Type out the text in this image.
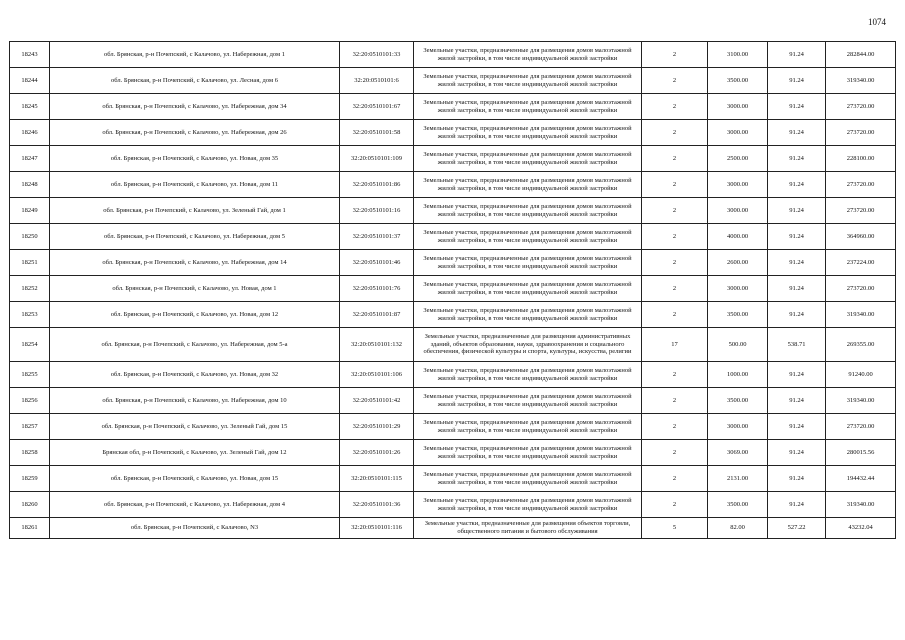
1074
18243	обл. Брянская, р-н Почепский, с Калачово, ул. Набережная, дом 1	32:20:0510101:33	Земельные участки, предназначенные для размещения домов малоэтажной жилой застройки, в том числе индивидуальной жилой застройки	2	3100.00	91.24	282844.00
18244	обл. Брянская, р-н Почепский, с Калачово, ул. Лесная, дом 6	32:20:0510101:6	Земельные участки, предназначенные для размещения домов малоэтажной жилой застройки, в том числе индивидуальной жилой застройки	2	3500.00	91.24	319340.00
18245	обл. Брянская, р-н Почепский, с Калачово, ул. Набережная, дом 34	32:20:0510101:67	Земельные участки, предназначенные для размещения домов малоэтажной жилой застройки, в том числе индивидуальной жилой застройки	2	3000.00	91.24	273720.00
18246	обл. Брянская, р-н Почепский, с Калачово, ул. Набережная, дом 26	32:20:0510101:58	Земельные участки, предназначенные для размещения домов малоэтажной жилой застройки, в том числе индивидуальной жилой застройки	2	3000.00	91.24	273720.00
18247	обл. Брянская, р-н Почепский, с Калачово, ул. Новая, дом 35	32:20:0510101:109	Земельные участки, предназначенные для размещения домов малоэтажной жилой застройки, в том числе индивидуальной жилой застройки	2	2500.00	91.24	228100.00
18248	обл. Брянская, р-н Почепский, с Калачово, ул. Новая, дом 11	32:20:0510101:86	Земельные участки, предназначенные для размещения домов малоэтажной жилой застройки, в том числе индивидуальной жилой застройки	2	3000.00	91.24	273720.00
18249	обл. Брянская, р-н Почепский, с Калачово, ул. Зеленый Гай, дом 1	32:20:0510101:16	Земельные участки, предназначенные для размещения домов малоэтажной жилой застройки, в том числе индивидуальной жилой застройки	2	3000.00	91.24	273720.00
18250	обл. Брянская, р-н Почепский, с Калачово, ул. Набережная, дом 5	32:20:0510101:37	Земельные участки, предназначенные для размещения домов малоэтажной жилой застройки, в том числе индивидуальной жилой застройки	2	4000.00	91.24	364960.00
18251	обл. Брянская, р-н Почепский, с Калачово, ул. Набережная, дом 14	32:20:0510101:46	Земельные участки, предназначенные для размещения домов малоэтажной жилой застройки, в том числе индивидуальной жилой застройки	2	2600.00	91.24	237224.00
18252	обл. Брянская, р-н Почепский, с Калачово, ул. Новая, дом 1	32:20:0510101:76	Земельные участки, предназначенные для размещения домов малоэтажной жилой застройки, в том числе индивидуальной жилой застройки	2	3000.00	91.24	273720.00
18253	обл. Брянская, р-н Почепский, с Калачово, ул. Новая, дом 12	32:20:0510101:87	Земельные участки, предназначенные для размещения домов малоэтажной жилой застройки, в том числе индивидуальной жилой застройки	2	3500.00	91.24	319340.00
18254	обл. Брянская, р-н Почепский, с Калачово, ул. Набережная, дом 5-а	32:20:0510101:132	Земельные участки, предназначенные для размещения административных зданий, объектов образования, науки, здравоохранения и социального обеспечения, физической культуры и спорта, культуры, искусства, религии	17	500.00	538.71	269355.00
18255	обл. Брянская, р-н Почепский, с Калачово, ул. Новая, дом 32	32:20:0510101:106	Земельные участки, предназначенные для размещения домов малоэтажной жилой застройки, в том числе индивидуальной жилой застройки	2	1000.00	91.24	91240.00
18256	обл. Брянская, р-н Почепский, с Калачово, ул. Набережная, дом 10	32:20:0510101:42	Земельные участки, предназначенные для размещения домов малоэтажной жилой застройки, в том числе индивидуальной жилой застройки	2	3500.00	91.24	319340.00
18257	обл. Брянская, р-н Почепский, с Калачово, ул. Зеленый Гай, дом 15	32:20:0510101:29	Земельные участки, предназначенные для размещения домов малоэтажной жилой застройки, в том числе индивидуальной жилой застройки	2	3000.00	91.24	273720.00
18258	Брянская обл, р-н Почепский, с Калачово, ул. Зеленый Гай, дом 12	32:20:0510101:26	Земельные участки, предназначенные для размещения домов малоэтажной жилой застройки, в том числе индивидуальной жилой застройки	2	3069.00	91.24	280015.56
18259	обл. Брянская, р-н Почепский, с Калачово, ул. Новая, дом 15	32:20:0510101:115	Земельные участки, предназначенные для размещения домов малоэтажной жилой застройки, в том числе индивидуальной жилой застройки	2	2131.00	91.24	194432.44
18260	обл. Брянская, р-н Почепский, с Калачово, ул. Набережная, дом 4	32:20:0510101:36	Земельные участки, предназначенные для размещения домов малоэтажной жилой застройки, в том числе индивидуальной жилой застройки	2	3500.00	91.24	319340.00
18261	обл. Брянская, р-н Почепский, с Калачово, N3	32:20:0510101:116	Земельные участки, предназначенные для размещения объектов торговли, общественного питания и бытового обслуживания	5	82.00	527.22	43232.04
